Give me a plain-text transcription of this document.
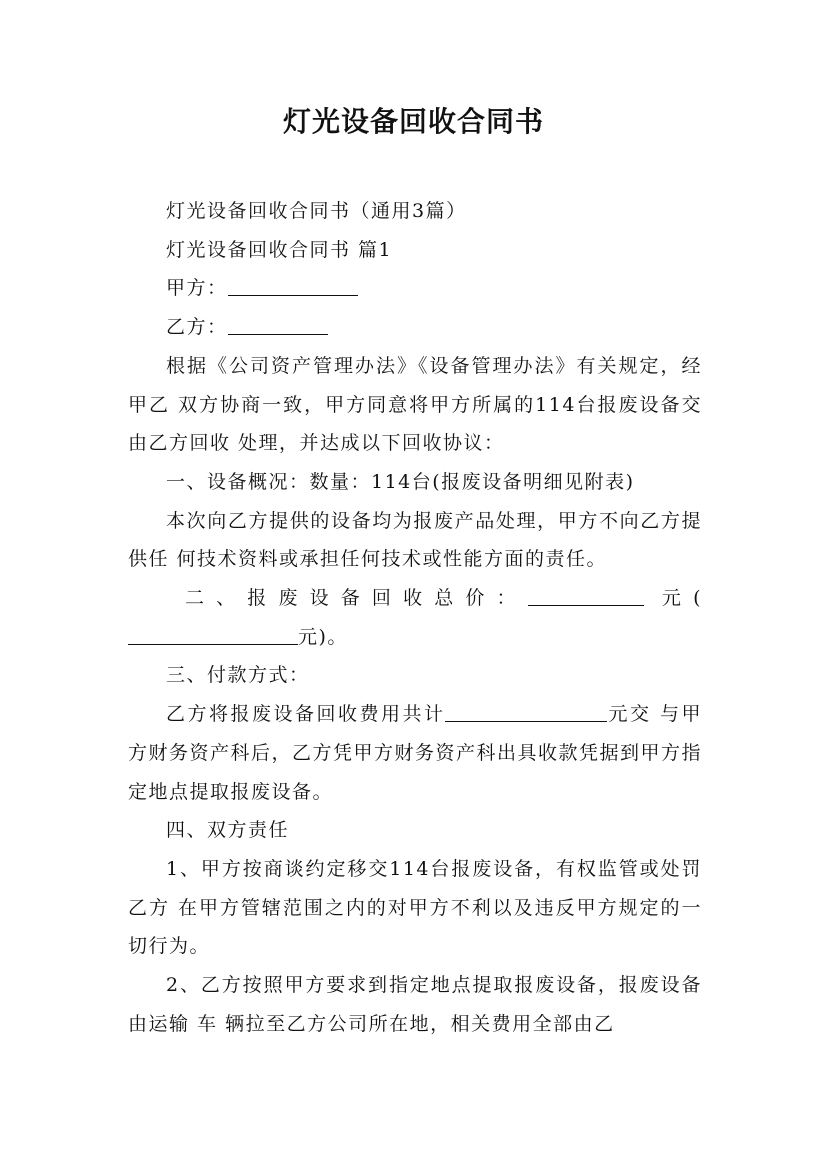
灯光设备回收合同书

灯光设备回收合同书（通用3篇）

灯光设备回收合同书 篇1

甲方：

乙方：

根据《公司资产管理办法》《设备管理办法》有关规定，经甲乙 双方协商一致，甲方同意将甲方所属的114台报废设备交由乙方回收 处理，并达成以下回收协议：

一、设备概况：数量：114台(报废设备明细见附表)

本次向乙方提供的设备均为报废产品处理，甲方不向乙方提供任 何技术资料或承担任何技术或性能方面的责任。

二、报废设备回收总价：	元(元)。

三、付款方式：

乙方将报废设备回收费用共计	元交 与甲方财务资产科后，乙方凭甲方财务资产科出具收款凭据到甲方指定地点提取报废设备。

四、双方责任

1、甲方按商谈约定移交114台报废设备，有权监管或处罚乙方 在甲方管辖范围之内的对甲方不利以及违反甲方规定的一切行为。

2、乙方按照甲方要求到指定地点提取报废设备，报废设备由运输 车 辆拉至乙方公司所在地，相关费用全部由乙
